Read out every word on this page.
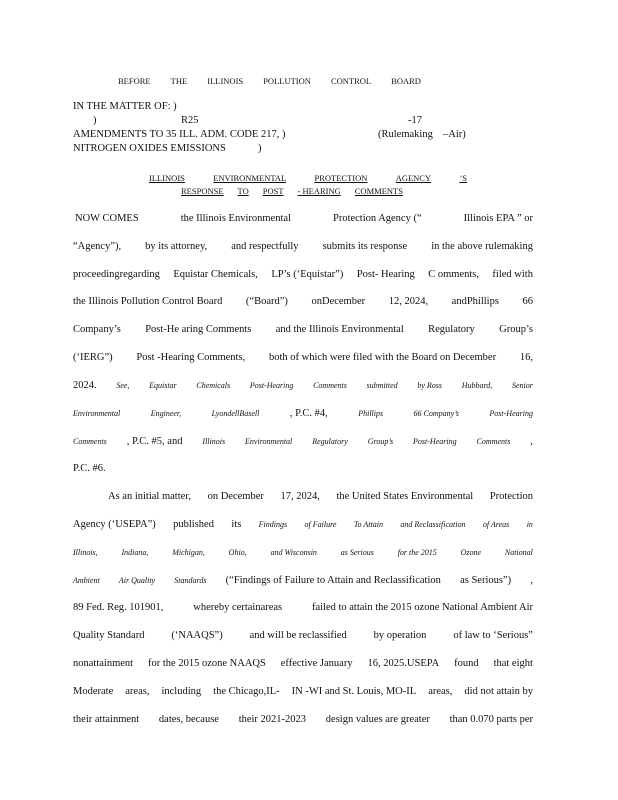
BEFORE THE ILLINOIS POLLUTION CONTROL BOARD
IN THE MATTER OF: )
)	R25	-17
AMENDMENTS TO 35 ILL. ADM. CODE 217, )	(Rulemaking –Air)
NITROGEN OXIDES EMISSIONS	)
ILLINOIS	ENVIRONMENTAL	PROTECTION	AGENCY	’S
RESPONSE TO POST - HEARING COMMENTS
NOW COMES	the Illinois Environmental	Protection Agency (“	Illinois EPA ” or
“Agency”), by its attorney, and respectfully submits its response in the above rulemaking
proceedingregarding Equistar Chemicals, LP’s (‘Equistar”) Post- Hearing C omments, filed with
the Illinois Pollution Control Board (“Board”) onDecember 12, 2024, andPhillips 66
Company’s Post-He aring Comments and the Illinois Environmental Regulatory Group’s
(‘IERG”) Post -Hearing Comments, both of which were filed with the Board on December 16,
2024. See, Equistar Chemicals Post-Hearing Comments submitted by Ross Hubbard, Senior
Environmental	Engineer,	LyondellBasell	, P.C. #4,	Phillips	66 Company’s	Post-Hearing
Comments , P.C. #5, and Illinois Environmental Regulatory Group’s Post-Hearing Comments ,
P.C. #6.
As an initial matter, on December 17, 2024, the United States Environmental Protection
Agency (‘USEPA”) published its Findings of Failure To Attain and Reclassification of Areas in
Illinois,	Indiana,	Michigan,	Ohio,	and Wisconsin	as Serious	for the 2015	Ozone	National
Ambient Air Quality Standards (“Findings of Failure to Attain and Reclassification as Serious”) ,
89 Fed. Reg. 101901,	whereby certainareas	failed to attain the 2015 ozone National Ambient Air
Quality Standard	(‘NAAQS”)	and will be reclassified	by operation	of law to ‘Serious”
nonattainment for the 2015 ozone NAAQS effective January 16, 2025.USEPA found that eight
Moderate areas, including the Chicago,IL- IN -WI and St. Louis, MO-IL areas, did not attain by
their attainment dates, because their 2021-2023 design values are greater than 0.070 parts per
